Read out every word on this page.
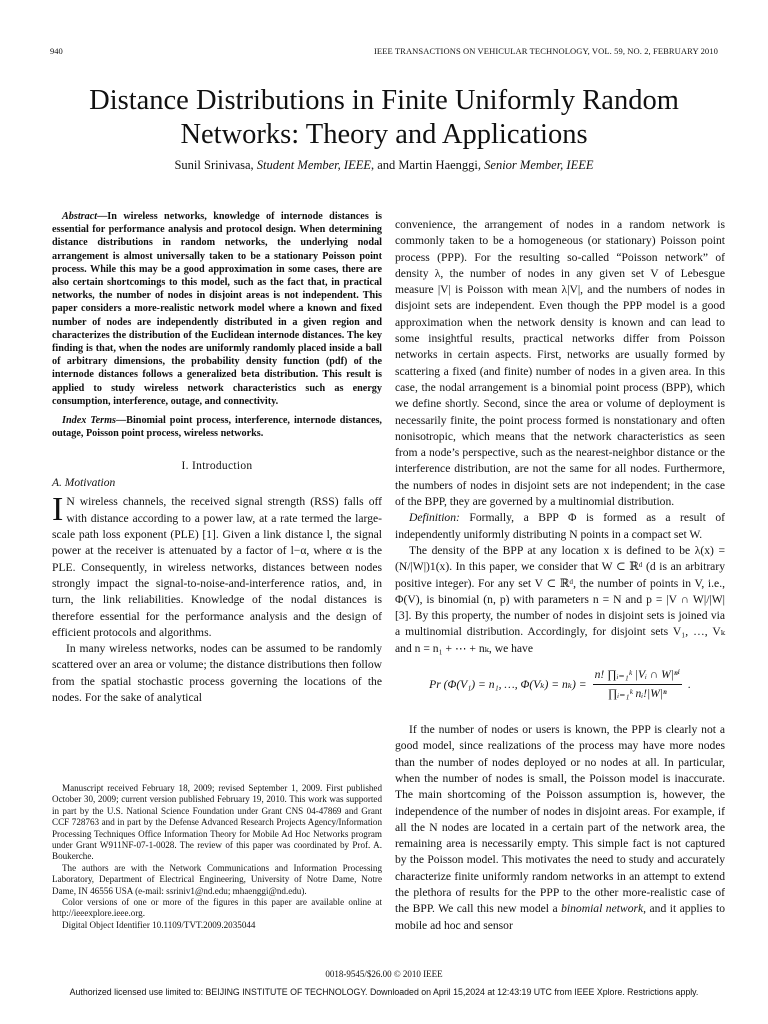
940	IEEE TRANSACTIONS ON VEHICULAR TECHNOLOGY, VOL. 59, NO. 2, FEBRUARY 2010
Distance Distributions in Finite Uniformly Random Networks: Theory and Applications
Sunil Srinivasa, Student Member, IEEE, and Martin Haenggi, Senior Member, IEEE

Abstract—In wireless networks, knowledge of internode distances is essential for performance analysis and protocol design. When determining distance distributions in random networks, the underlying nodal arrangement is almost universally taken to be a stationary Poisson point process. While this may be a good approximation in some cases, there are also certain shortcomings to this model, such as the fact that, in practical networks, the number of nodes in disjoint areas is not independent. This paper considers a more-realistic network model where a known and fixed number of nodes are independently distributed in a given region and characterizes the distribution of the Euclidean internode distances. The key finding is that, when the nodes are uniformly randomly placed inside a ball of arbitrary dimensions, the probability density function (pdf) of the internode distances follows a generalized beta distribution. This result is applied to study wireless network characteristics such as energy consumption, interference, outage, and connectivity.

Index Terms—Binomial point process, interference, internode distances, outage, Poisson point process, wireless networks.

I. Introduction
A. Motivation

I N wireless channels, the received signal strength (RSS) falls off with distance according to a power law, at a rate termed the large-scale path loss exponent (PLE) [1]. Given a link distance l, the signal power at the receiver is attenuated by a factor of l−α, where α is the PLE. Consequently, in wireless networks, distances between nodes strongly impact the signal-to-noise-and-interference ratios, and, in turn, the link reliabilities. Knowledge of the nodal distances is therefore essential for the performance analysis and the design of efficient protocols and algorithms.

In many wireless networks, nodes can be assumed to be randomly scattered over an area or volume; the distance distributions then follow from the spatial stochastic process governing the locations of the nodes. For the sake of analytical

Manuscript received February 18, 2009; revised September 1, 2009. First published October 30, 2009; current version published February 19, 2010. This work was supported in part by the U.S. National Science Foundation under Grant CNS 04-47869 and Grant CCF 728763 and in part by the Defense Advanced Research Projects Agency/Information Processing Techniques Office Information Theory for Mobile Ad Hoc Networks program under Grant W911NF-07-1-0028. The review of this paper was coordinated by Prof. A. Boukerche.

The authors are with the Network Communications and Information Processing Laboratory, Department of Electrical Engineering, University of Notre Dame, Notre Dame, IN 46556 USA (e-mail: ssriniv1@nd.edu; mhaenggi@nd.edu).

Color versions of one or more of the figures in this paper are available online at http://ieeexplore.ieee.org.

Digital Object Identifier 10.1109/TVT.2009.2035044

convenience, the arrangement of nodes in a random network is commonly taken to be a homogeneous (or stationary) Poisson point process (PPP). For the resulting so-called “Poisson network” of density λ, the number of nodes in any given set V of Lebesgue measure |V| is Poisson with mean λ|V|, and the numbers of nodes in disjoint sets are independent. Even though the PPP model is a good approximation when the network density is known and can lead to some insightful results, practical networks differ from Poisson networks in certain aspects. First, networks are usually formed by scattering a fixed (and finite) number of nodes in a given area. In this case, the nodal arrangement is a binomial point process (BPP), which we define shortly. Second, since the area or volume of deployment is necessarily finite, the point process formed is nonstationary and often nonisotropic, which means that the network characteristics as seen from a node’s perspective, such as the nearest-neighbor distance or the interference distribution, are not the same for all nodes. Furthermore, the numbers of nodes in disjoint sets are not independent; in the case of the BPP, they are governed by a multinomial distribution.

Definition: Formally, a BPP Φ is formed as a result of independently uniformly distributing N points in a compact set W.

The density of the BPP at any location x is defined to be λ(x) = (N/|W|)1(x). In this paper, we consider that W ⊂ ℝᵈ (d is an arbitrary positive integer). For any set V ⊂ ℝᵈ, the number of points in V, i.e., Φ(V), is binomial (n, p) with parameters n = N and p = |V ∩ W|/|W| [3]. By this property, the number of nodes in disjoint sets is joined via a multinomial distribution. Accordingly, for disjoint sets V₁, …, Vₖ and n = n₁ + ⋯ + nₖ, we have

Pr (Φ(V₁) = n₁, …, $\Phi(V_k) = n_k) = \frac{\text{n! ∏ᵢ₌₁ᵏ |Vᵢ ∩ W|ⁿⁱ}}{\text{∏ᵢ₌₁ᵏ nᵢ!|W|ⁿ}}$ .

If the number of nodes or users is known, the PPP is clearly not a good model, since realizations of the process may have more nodes than the number of nodes deployed or no nodes at all. In particular, when the number of nodes is small, the Poisson model is inaccurate. The main shortcoming of the Poisson assumption is, however, the independence of the number of nodes in disjoint areas. For example, if all the N nodes are located in a certain part of the network area, the remaining area is necessarily empty. This simple fact is not captured by the Poisson model. This motivates the need to study and accurately characterize finite uniformly random networks in an attempt to extend the plethora of results for the PPP to the other more-realistic case of the BPP. We call this new model a binomial network, and it applies to mobile ad hoc and sensor

0018-9545/$26.00 © 2010 IEEE
Authorized licensed use limited to: BEIJING INSTITUTE OF TECHNOLOGY. Downloaded on April 15,2024 at 12:43:19 UTC from IEEE Xplore. Restrictions apply.
